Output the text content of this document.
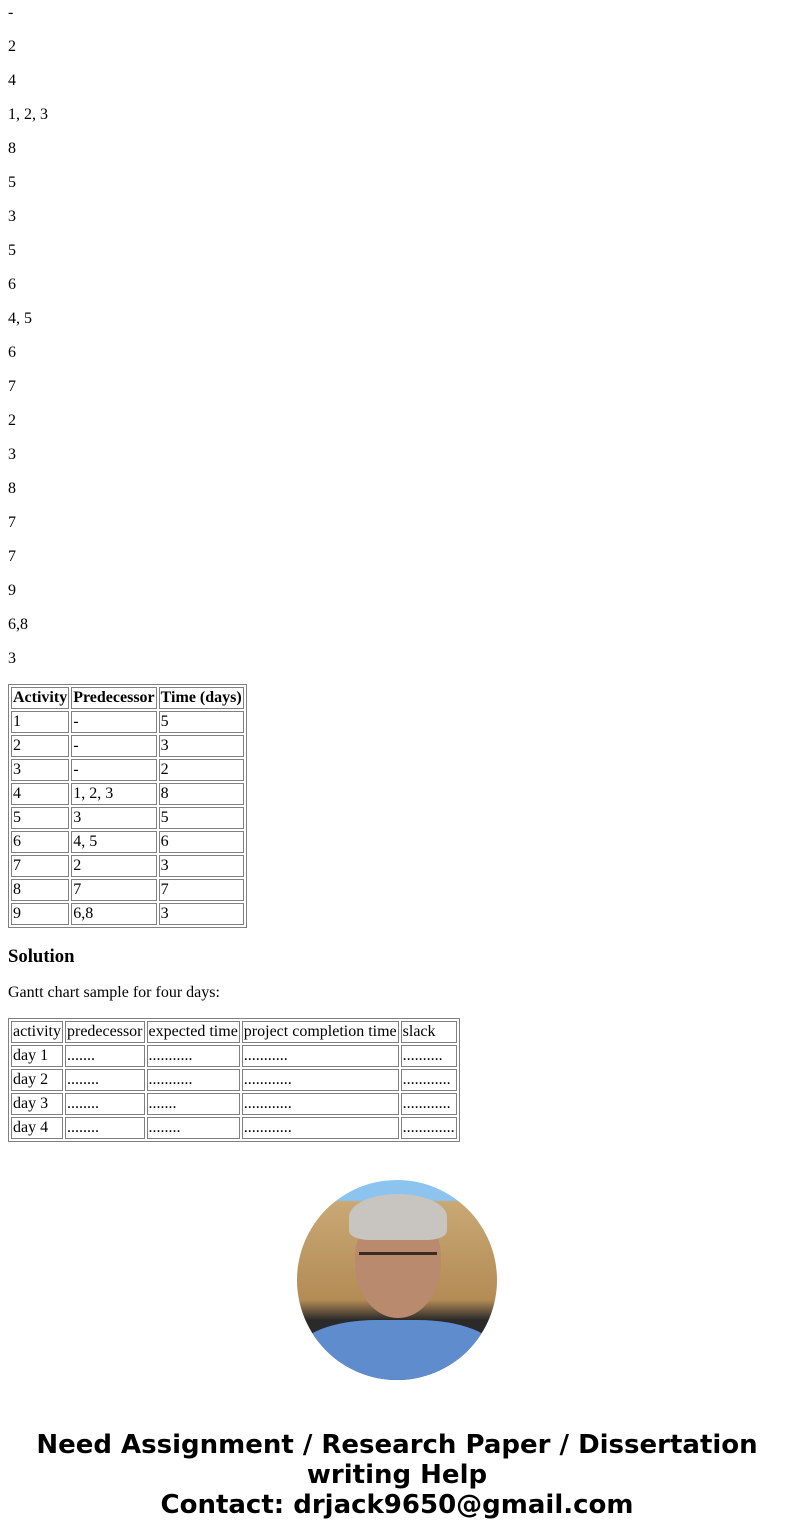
-

2

4

1, 2, 3

8

5

3

5

6

4, 5

6

7

2

3

8

7

7

9

6,8

3

Activity	Predecessor	Time (days)
1	-	5
2	-	3
3	-	2
4	1, 2, 3	8
5	3	5
6	4, 5	6
7	2	3
8	7	7
9	6,8	3
Solution

Gantt chart sample for four days:

activity	predecessor	expected time	project completion time	slack
day 1	.......	...........	...........	..........
day 2	........	...........	............	............
day 3	........	.......	............	............
day 4	........	........	............	.............
Need Assignment / Research Paper / Dissertation writing Help
Contact: drjack9650@gmail.com
